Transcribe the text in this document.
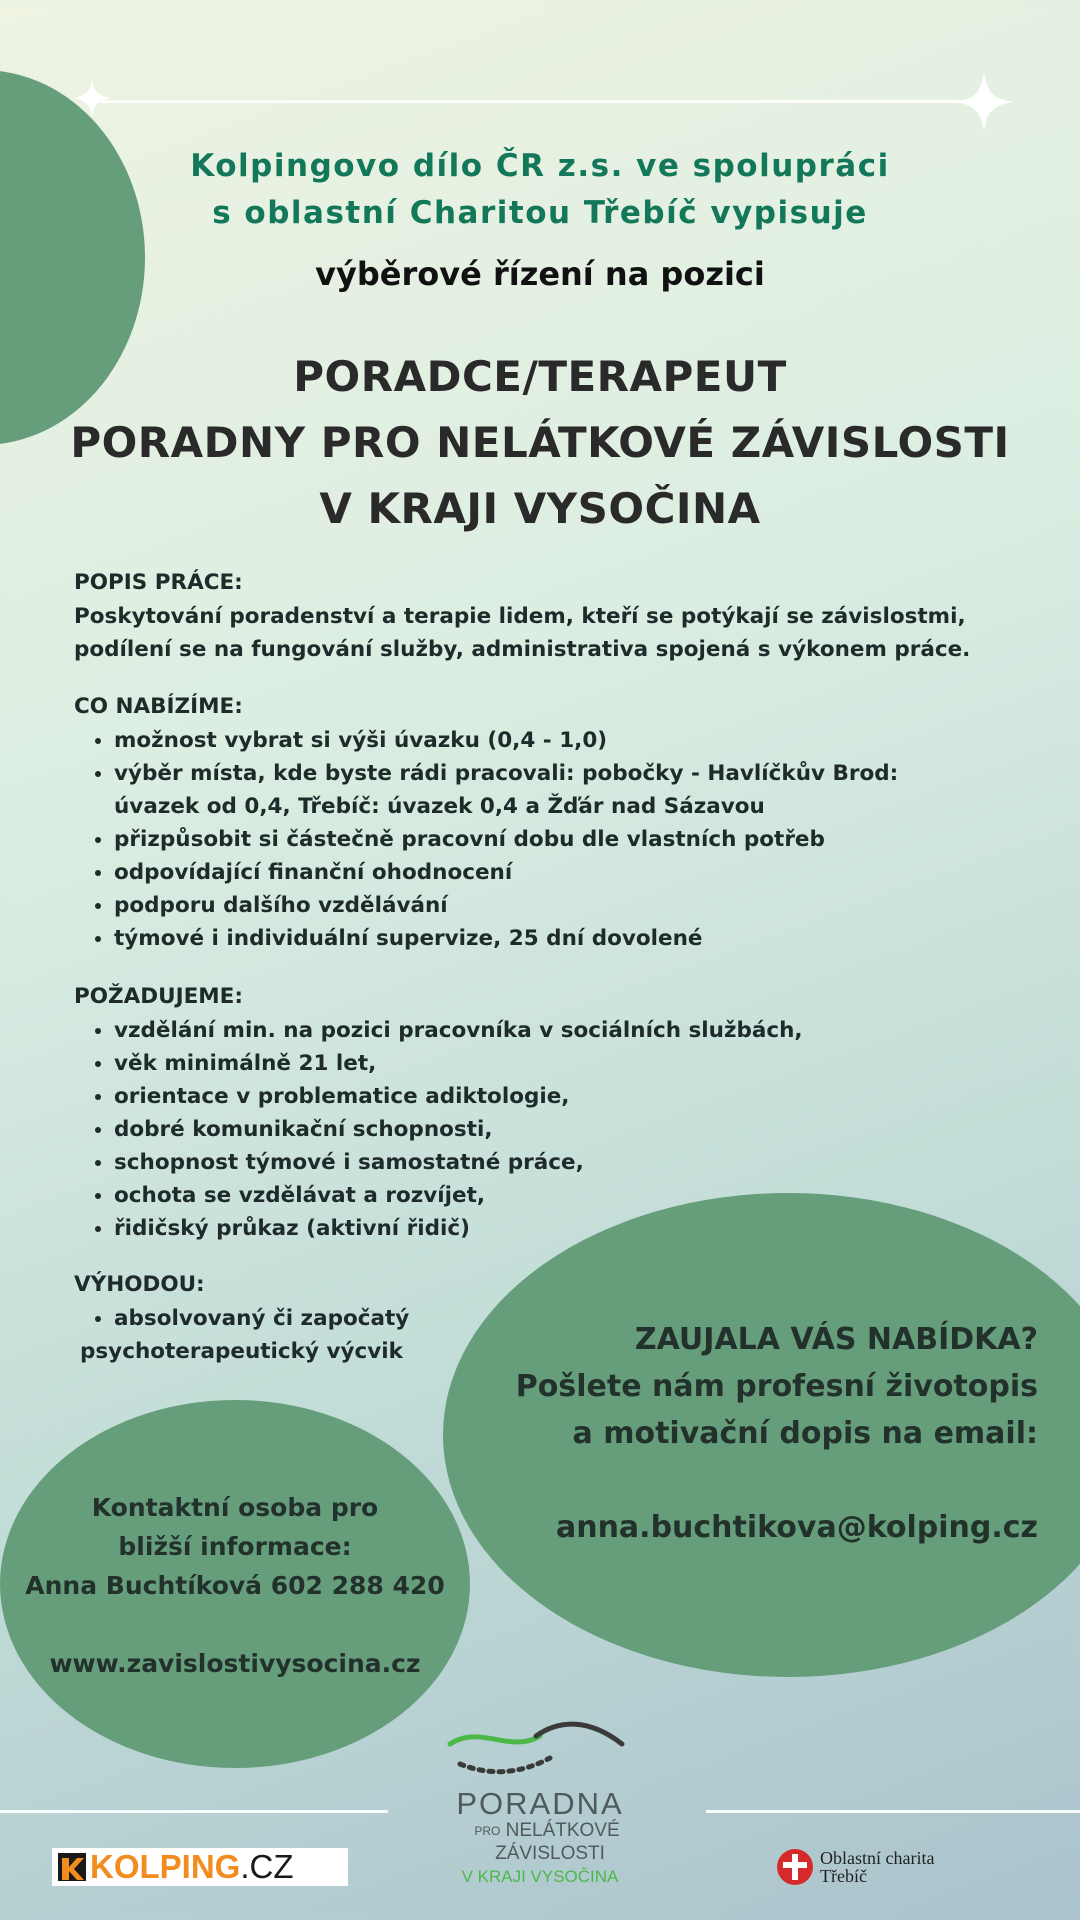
Kolpingovo dílo ČR z.s. ve spolupráci
s oblastní Charitou Třebíč vypisuje
výběrové řízení na pozici
PORADCE/TERAPEUT
PORADNY PRO NELÁTKOVÉ ZÁVISLOSTI
V KRAJI VYSOČINA
POPIS PRÁCE:

Poskytování poradenství a terapie lidem, kteří se potýkají se závislostmi,

podílení se na fungování služby, administrativa spojená s výkonem práce.

CO NABÍZÍME:
• možnost vybrat si výši úvazku (0,4 - 1,0)
• výběr místa, kde byste rádi pracovali: pobočky - Havlíčkův Brod:
úvazek od 0,4, Třebíč: úvazek 0,4 a Žďár nad Sázavou
• přizpůsobit si částečně pracovní dobu dle vlastních potřeb
• odpovídající finanční ohodnocení
• podporu dalšího vzdělávání
• týmové i individuální supervize, 25 dní dovolené
POŽADUJEME:
• vzdělání min. na pozici pracovníka v sociálních službách,
• věk minimálně 21 let,
• orientace v problematice adiktologie,
• dobré komunikační schopnosti,
• schopnost týmové i samostatné práce,
• ochota se vzdělávat a rozvíjet,
• řidičský průkaz (aktivní řidič)
VÝHODOU:
• absolvovaný či započatý
psychoterapeutický výcvik	ZAUJALA VÁS NABÍDKA?
Pošlete nám profesní životopis
a motivační dopis na email:
anna.buchtikova@kolping.cz
Kontaktní osoba pro
bližší informace:
Anna Buchtíková 602 288 420
www.zavislostivysocina.cz
KOLPING .CZ
PORADNA
PRO NELÁTKOVÉ
ZÁVISLOSTI
V KRAJI VYSOČINA
Oblastní charita
Třebíč
